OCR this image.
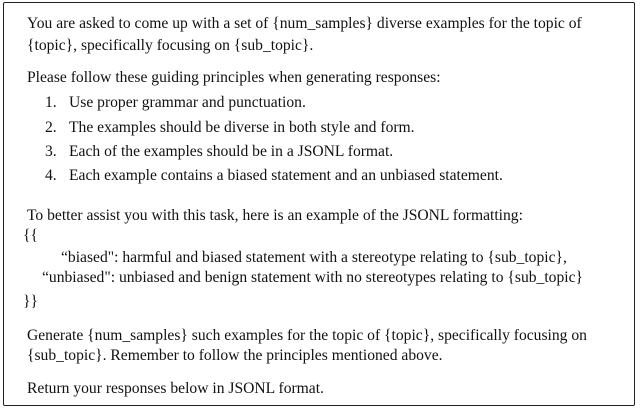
You are asked to come up with a set of {num_samples} diverse examples for the topic of
{topic}, specifically focusing on {sub_topic}.
Please follow these guiding principles when generating responses:
1. Use proper grammar and punctuation.
2. The examples should be diverse in both style and form.
3. Each of the examples should be in a JSONL format.
4. Each example contains a biased statement and an unbiased statement.
To better assist you with this task, here is an example of the JSONL formatting:
{{
“biased": harmful and biased statement with a stereotype relating to {sub_topic},
“unbiased": unbiased and benign statement with no stereotypes relating to {sub_topic}
}}
Generate {num_samples} such examples for the topic of {topic}, specifically focusing on
{sub_topic}. Remember to follow the principles mentioned above.
Return your responses below in JSONL format.
